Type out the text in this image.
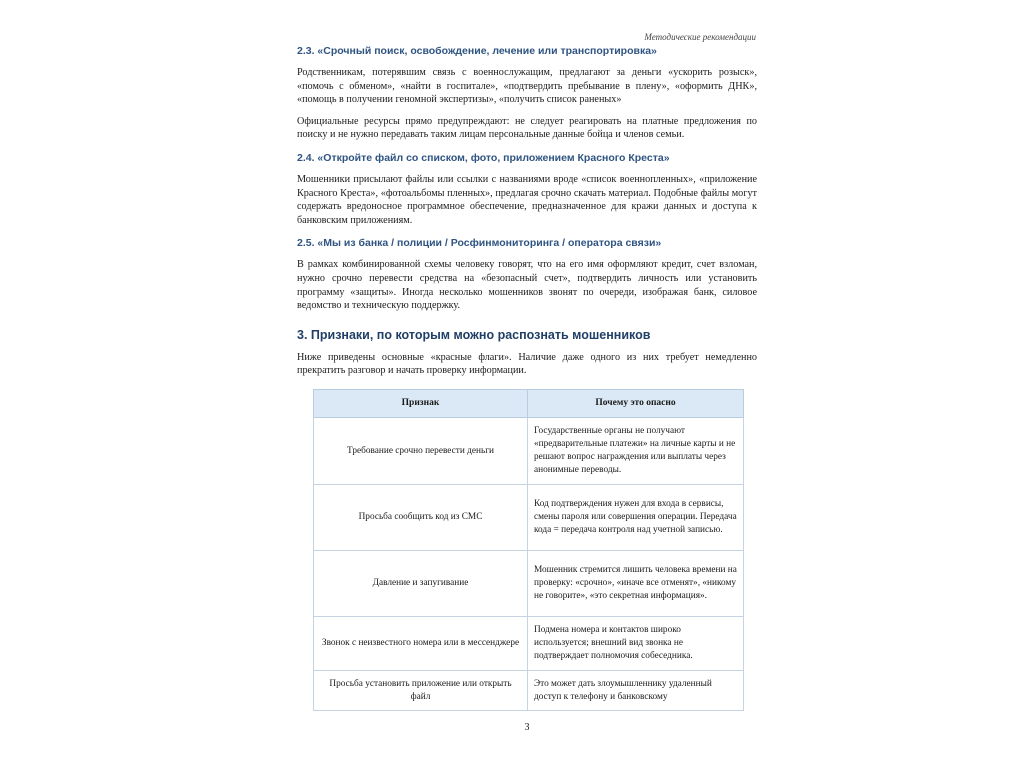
Методические рекомендации

2.3. «Срочный поиск, освобождение, лечение или транспортировка»

Родственникам, потерявшим связь с военнослужащим, предлагают за деньги «ускорить розыск», «помочь с обменом», «найти в госпитале», «подтвердить пребывание в плену», «оформить ДНК», «помощь в получении геномной экспертизы», «получить список раненых»

Официальные ресурсы прямо предупреждают: не следует реагировать на платные предложения по поиску и не нужно передавать таким лицам персональные данные бойца и членов семьи.

2.4. «Откройте файл со списком, фото, приложением Красного Креста»

Мошенники присылают файлы или ссылки с названиями вроде «список военнопленных», «приложение Красного Креста», «фотоальбомы пленных», предлагая срочно скачать материал. Подобные файлы могут содержать вредоносное программное обеспечение, предназначенное для кражи данных и доступа к банковским приложениям.

2.5. «Мы из банка / полиции / Росфинмониторинга / оператора связи»

В рамках комбинированной схемы человеку говорят, что на его имя оформляют кредит, счет взломан, нужно срочно перевести средства на «безопасный счет», подтвердить личность или установить программу «защиты». Иногда несколько мошенников звонят по очереди, изображая банк, силовое ведомство и техническую поддержку.

3. Признаки, по которым можно распознать мошенников

Ниже приведены основные «красные флаги». Наличие даже одного из них требует немедленно прекратить разговор и начать проверку информации.

Признак	Почему это опасно
Требование срочно перевести деньги	Государственные органы не получают «предварительные платежи» на личные карты и не решают вопрос награждения или выплаты через анонимные переводы.
Просьба сообщить код из СМС	Код подтверждения нужен для входа в сервисы, смены пароля или совершения операции. Передача кода = передача контроля над учетной записью.
Давление и запугивание	Мошенник стремится лишить человека времени на проверку: «срочно», «иначе все отменят», «никому не говорите», «это секретная информация».
Звонок с неизвестного номера или в мессенджере	Подмена номера и контактов широко используется; внешний вид звонка не подтверждает полномочия собеседника.
Просьба установить приложение или открыть файл	Это может дать злоумышленнику удаленный доступ к телефону и банковскому

3
